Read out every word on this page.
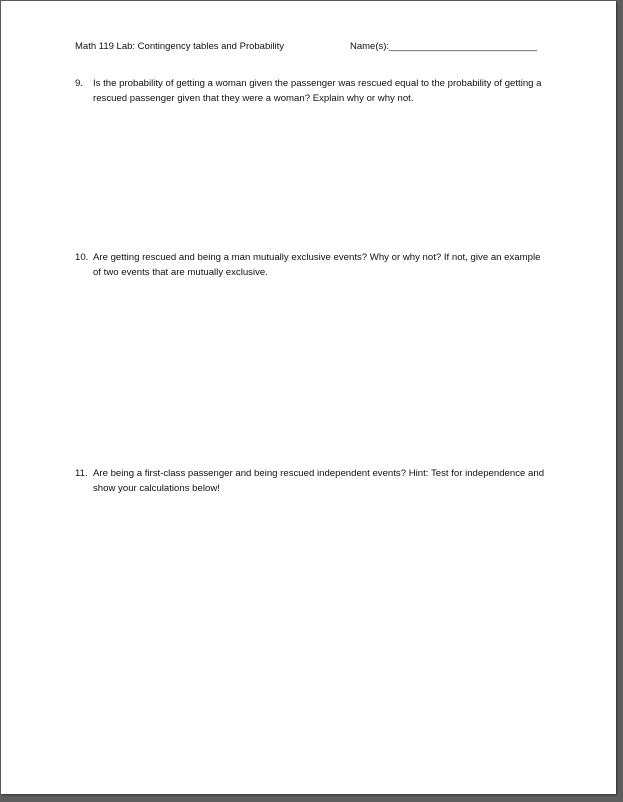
Math 119 Lab: Contingency tables and Probability	Name(s):____________________________
9. Is the probability of getting a woman given the passenger was rescued equal to the probability of getting a rescued passenger given that they were a woman? Explain why or why not.
10. Are getting rescued and being a man mutually exclusive events? Why or why not? If not, give an example of two events that are mutually exclusive.
11. Are being a first-class passenger and being rescued independent events? Hint: Test for independence and show your calculations below!
